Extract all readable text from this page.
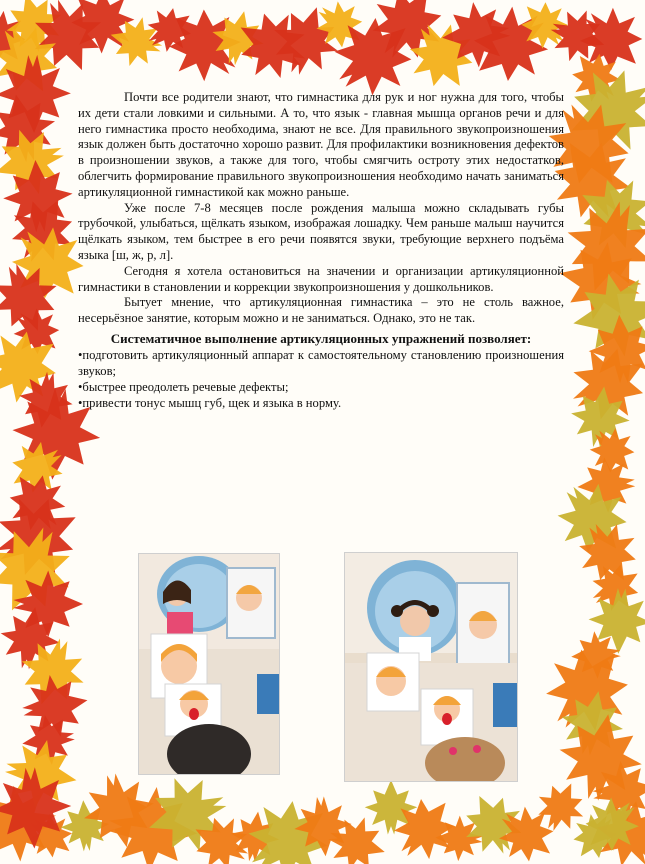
Почти все родители знают, что гимнастика для рук и ног нужна для того, чтобы их дети стали ловкими и сильными. А то, что язык - главная мышца органов речи и для него гимнастика просто необходима, знают не все. Для правильного звукопроизношения язык должен быть достаточно хорошо развит. Для профилактики возникновения дефектов в произношении звуков, а также для того, чтобы смягчить остроту этих недостатков, облегчить формирование правильного звукопроизношения необходимо начать заниматься артикуляционной гимнастикой как можно раньше.

Уже после 7-8 месяцев после рождения малыша можно складывать губы трубочкой, улыбаться, щёлкать языком, изображая лошадку. Чем раньше малыш научится щёлкать языком, тем быстрее в его речи появятся звуки, требующие верхнего подъёма языка [ш, ж, р, л].

Сегодня я хотела остановиться на значении и организации артикуляционной гимнастики в становлении и коррекции звукопроизношения у дошкольников.

Бытует мнение, что артикуляционная гимнастика – это не столь важное, несерьёзное занятие, которым можно и не заниматься. Однако, это не так.

Систематичное выполнение артикуляционных упражнений позволяет:

•подготовить артикуляционный аппарат к самостоятельному становлению произношения звуков;

•быстрее преодолеть речевые дефекты;

•привести тонус мышц губ, щек и языка в норму.
